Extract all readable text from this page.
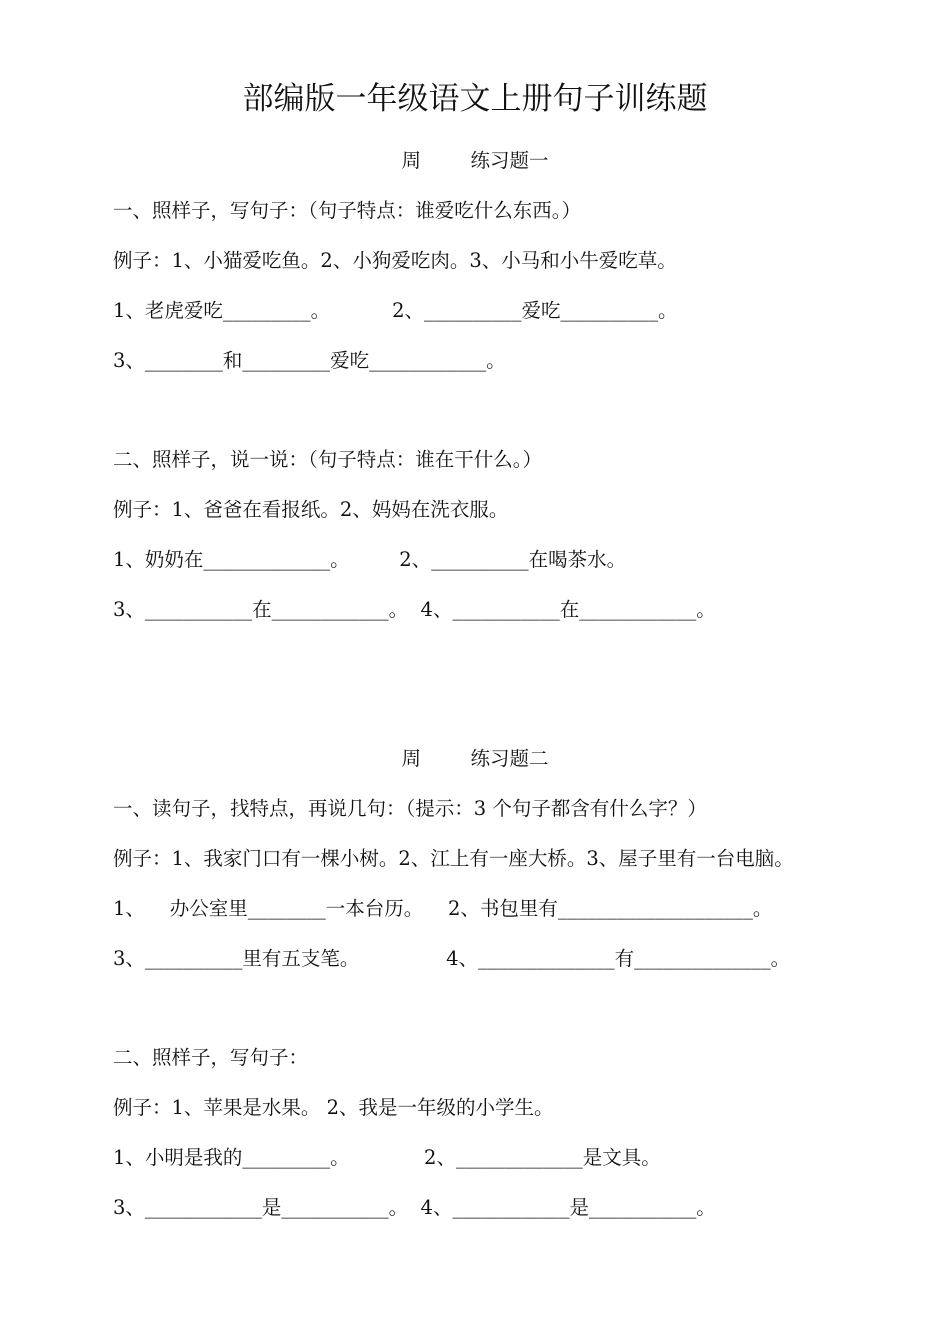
部编版一年级语文上册句子训练题
周        练习题一
一、照样子，写句子：（句子特点：谁爱吃什么东西。）
例子：1、小猫爱吃鱼。2、小狗爱吃肉。3、小马和小牛爱吃草。
1、老虎爱吃_________。          2、__________爱吃__________。
3、________和_________爱吃____________。
二、照样子，说一说：（句子特点：谁在干什么。）
例子：1、爸爸在看报纸。2、妈妈在洗衣服。
1、奶奶在_____________。        2、__________在喝茶水。
3、___________在____________。  4、___________在____________。
周        练习题二
一、读句子，找特点，再说几句：（提示：3 个句子都含有什么字？）
例子：1、我家门口有一棵小树。2、江上有一座大桥。3、屋子里有一台电脑。
1、    办公室里________一本台历。    2、书包里有____________________。
3、__________里有五支笔。              4、______________有______________。
二、照样子，写句子：
例子：1、苹果是水果。 2、我是一年级的小学生。
1、小明是我的_________。            2、_____________是文具。
3、____________是___________。  4、____________是___________。
